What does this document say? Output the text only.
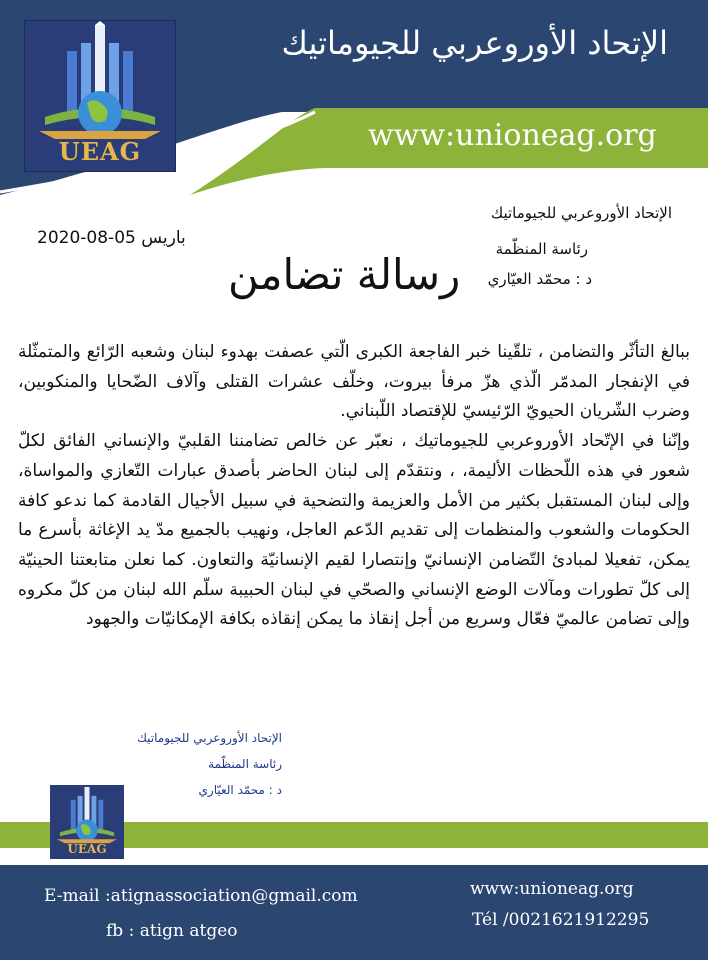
الإتحاد الأوروعربي للجيوماتيك
www:unioneag.org
UEAG
الإتحاد الأوروعربي للجيوماتيك
رئاسة المنظّمة
د : محمّد العيّاري
باريس 05-08-2020
رسالة تضامن

ببالغ التأثّر والتضامن ، تلقّينا خبر الفاجعة الكبرى الّتي عصفت بهدوء لبنان وشعبه الرّائع والمتمثّلة في الإنفجار المدمّر الّذي هزّ مرفأ بيروت، وخلّف عشرات القتلى وآلاف الضّحايا والمنكوبين، وضرب الشّريان الحيويّ الرّئيسيّ للإقتصاد اللّبناني.

وإنّنا في الإتّحاد الأوروعربي للجيوماتيك ، نعبّر عن خالص تضامننا القلبيّ والإنساني الفائق لكلّ شعور في هذه اللّحظات الأليمة، ، ونتقدّم إلى لبنان الحاضر بأصدق عبارات التّعازي والمواساة، وإلى لبنان المستقبل بكثير من الأمل والعزيمة والتضحية في سبيل الأجيال القادمة كما ندعو كافة الحكومات والشعوب والمنظمات إلى تقديم الدّعم العاجل، ونهيب بالجميع مدّ يد الإغاثة بأسرع ما يمكن، تفعيلا لمبادئ التّضامن الإنسانيّ وإنتصارا لقيم الإنسانيّة والتعاون. كما نعلن متابعتنا الحينيّة إلى كلّ تطورات ومآلات الوضع الإنساني والصحّي في لبنان الحبيبة سلّم الله لبنان من كلّ مكروه وإلى تضامن عالميّ فعّال وسريع من أجل إنقاذ ما يمكن إنقاذه بكافة الإمكانيّات والجهود

الإتحاد الأوروعربي للجيوماتيك
رئاسة المنظّمة
د : محمّد العيّاري
UEAG
E-mail :atignassociation@gmail.com
fb : atign atgeo
www:unioneag.org
Tél /0021621912295
